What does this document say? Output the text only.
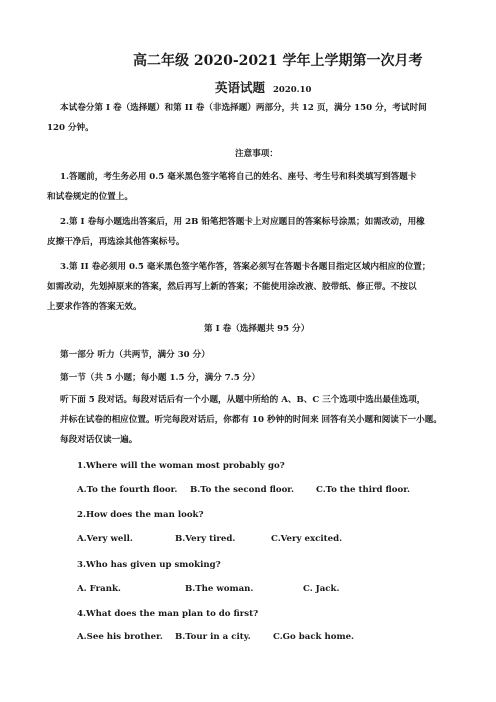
高二年级 2020-2021 学年上学期第一次月考
英语试题 2020.10
本试卷分第 I 卷（选择题）和第 II 卷（非选择题）两部分，共 12 页，满分 150 分，考试时间
120 分钟。
注意事项：
1.答题前，考生务必用 0.5 毫米黑色签字笔将自己的姓名、座号、考生号和科类填写到答题卡
和试卷规定的位置上。
2.第 I 卷每小题选出答案后，用 2B 铅笔把答题卡上对应题目的答案标号涂黑；如需改动，用橡
皮擦干净后，再选涂其他答案标号。
3.第 II 卷必须用 0.5 毫米黑色签字笔作答，答案必须写在答题卡各题目指定区域内相应的位置；
如需改动，先划掉原来的答案，然后再写上新的答案；不能使用涂改液、胶带纸、修正带。不按以
上要求作答的答案无效。
第 I 卷（选择题共 95 分）
第一部分 听力（共两节，满分 30 分）
第一节（共 5 小题；每小题 1.5 分，满分 7.5 分）
听下面 5 段对话。每段对话后有一个小题，从题中所给的 A、B、C 三个选项中选出最佳选项，
并标在试卷的相应位置。听完每段对话后，你都有 10 秒钟的时间来 回答有关小题和阅读下一小题。
每段对话仅读一遍。
1.Where will the woman most probably go?
A.To the fourth floor. B.To the second floor.	C.To the third floor.
2.How does the man look?
A.Very well.	B.Very tired.	C.Very excited.
3.Who has given up smoking?
A. Frank.	B.The woman.	C. Jack.
4.What does the man plan to do first?
A.See his brother. B.Tour in a city.	C.Go back home.
